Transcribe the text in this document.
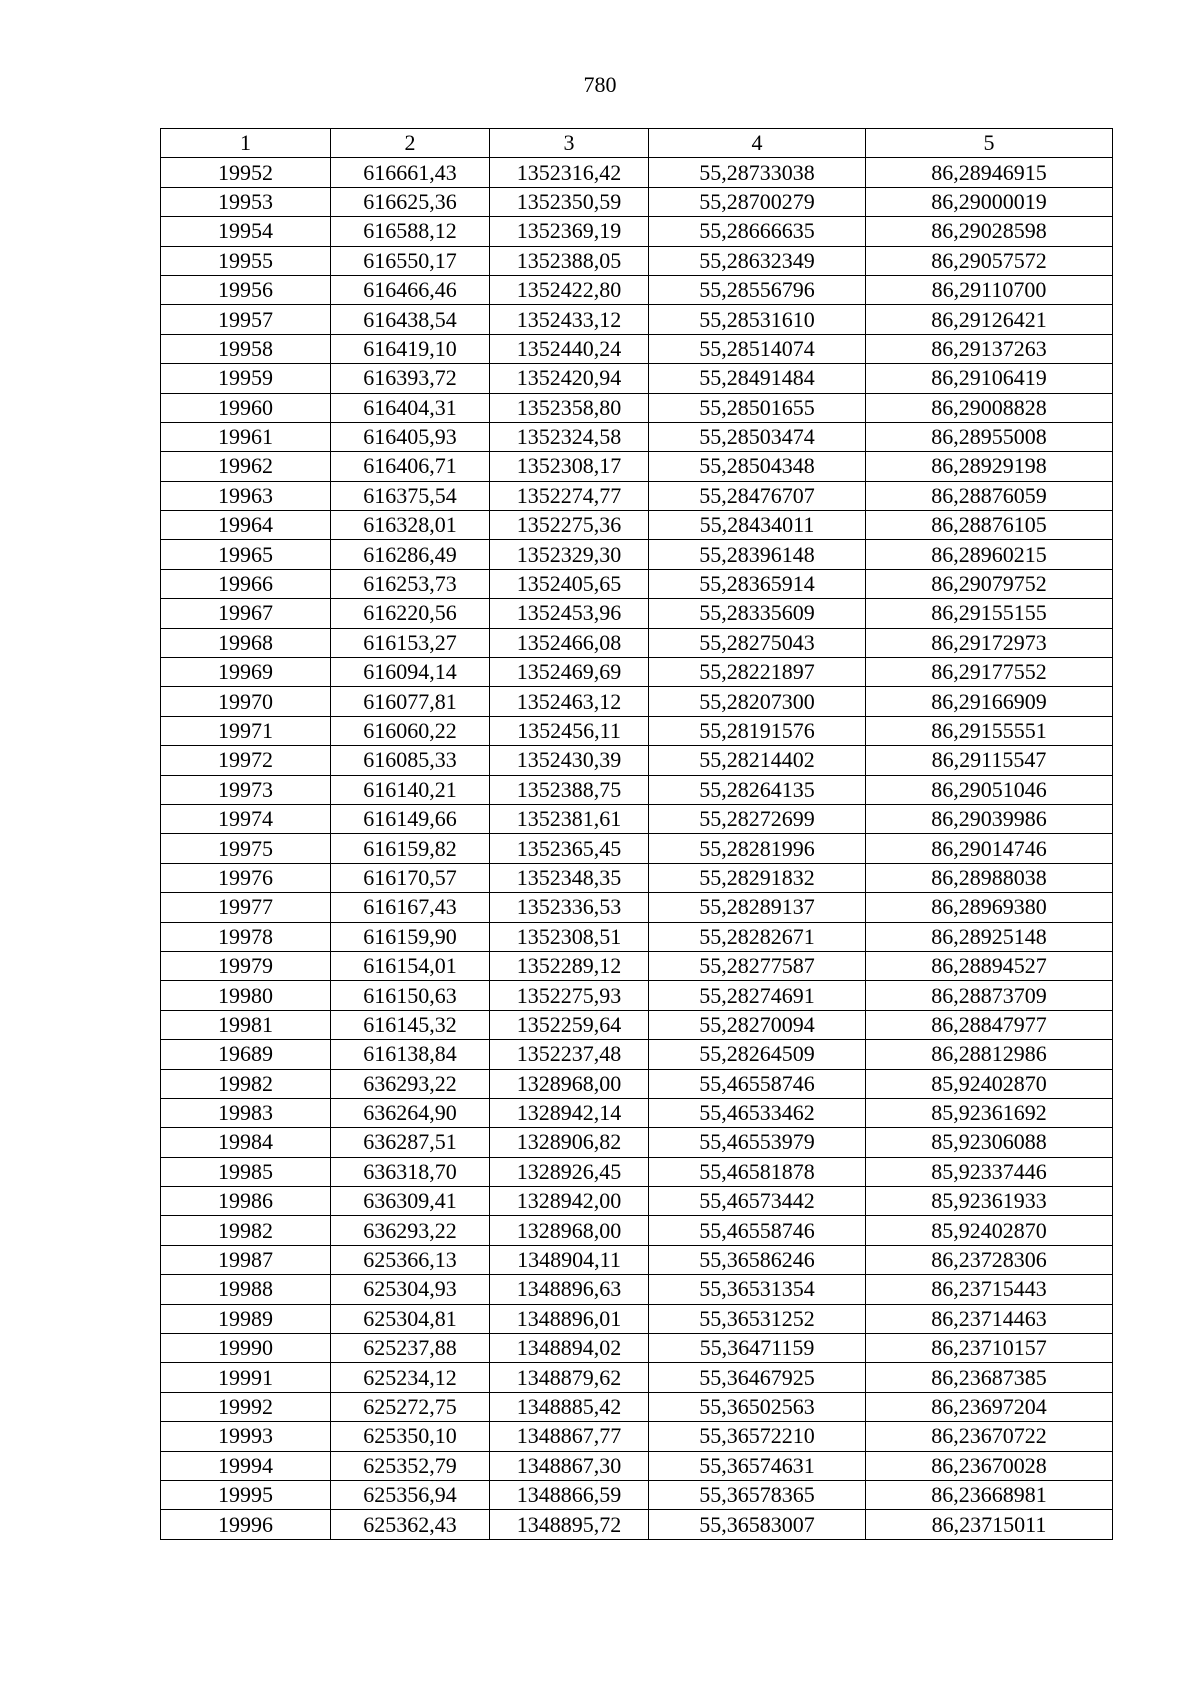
780
1	2	3	4	5
19952	616661,43	1352316,42	55,28733038	86,28946915
19953	616625,36	1352350,59	55,28700279	86,29000019
19954	616588,12	1352369,19	55,28666635	86,29028598
19955	616550,17	1352388,05	55,28632349	86,29057572
19956	616466,46	1352422,80	55,28556796	86,29110700
19957	616438,54	1352433,12	55,28531610	86,29126421
19958	616419,10	1352440,24	55,28514074	86,29137263
19959	616393,72	1352420,94	55,28491484	86,29106419
19960	616404,31	1352358,80	55,28501655	86,29008828
19961	616405,93	1352324,58	55,28503474	86,28955008
19962	616406,71	1352308,17	55,28504348	86,28929198
19963	616375,54	1352274,77	55,28476707	86,28876059
19964	616328,01	1352275,36	55,28434011	86,28876105
19965	616286,49	1352329,30	55,28396148	86,28960215
19966	616253,73	1352405,65	55,28365914	86,29079752
19967	616220,56	1352453,96	55,28335609	86,29155155
19968	616153,27	1352466,08	55,28275043	86,29172973
19969	616094,14	1352469,69	55,28221897	86,29177552
19970	616077,81	1352463,12	55,28207300	86,29166909
19971	616060,22	1352456,11	55,28191576	86,29155551
19972	616085,33	1352430,39	55,28214402	86,29115547
19973	616140,21	1352388,75	55,28264135	86,29051046
19974	616149,66	1352381,61	55,28272699	86,29039986
19975	616159,82	1352365,45	55,28281996	86,29014746
19976	616170,57	1352348,35	55,28291832	86,28988038
19977	616167,43	1352336,53	55,28289137	86,28969380
19978	616159,90	1352308,51	55,28282671	86,28925148
19979	616154,01	1352289,12	55,28277587	86,28894527
19980	616150,63	1352275,93	55,28274691	86,28873709
19981	616145,32	1352259,64	55,28270094	86,28847977
19689	616138,84	1352237,48	55,28264509	86,28812986
19982	636293,22	1328968,00	55,46558746	85,92402870
19983	636264,90	1328942,14	55,46533462	85,92361692
19984	636287,51	1328906,82	55,46553979	85,92306088
19985	636318,70	1328926,45	55,46581878	85,92337446
19986	636309,41	1328942,00	55,46573442	85,92361933
19982	636293,22	1328968,00	55,46558746	85,92402870
19987	625366,13	1348904,11	55,36586246	86,23728306
19988	625304,93	1348896,63	55,36531354	86,23715443
19989	625304,81	1348896,01	55,36531252	86,23714463
19990	625237,88	1348894,02	55,36471159	86,23710157
19991	625234,12	1348879,62	55,36467925	86,23687385
19992	625272,75	1348885,42	55,36502563	86,23697204
19993	625350,10	1348867,77	55,36572210	86,23670722
19994	625352,79	1348867,30	55,36574631	86,23670028
19995	625356,94	1348866,59	55,36578365	86,23668981
19996	625362,43	1348895,72	55,36583007	86,23715011
